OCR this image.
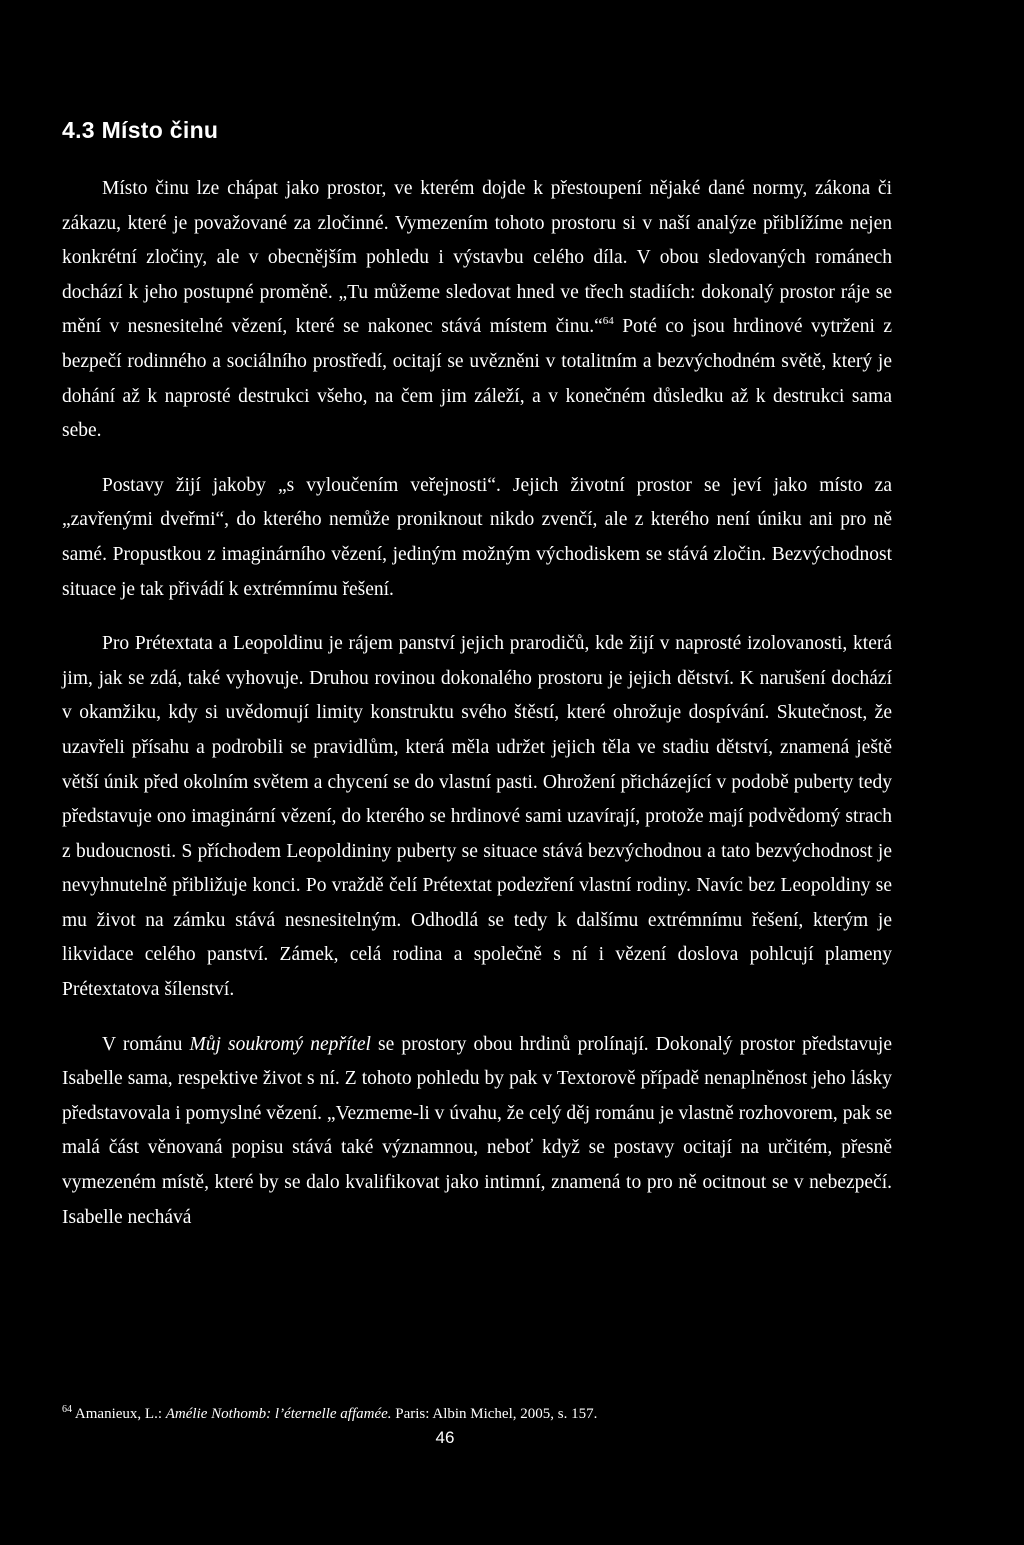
4.3 Místo činu

Místo činu lze chápat jako prostor, ve kterém dojde k přestoupení nějaké dané normy, zákona či zákazu, které je považované za zločinné. Vymezením tohoto prostoru si v naší analýze přiblížíme nejen konkrétní zločiny, ale v obecnějším pohledu i výstavbu celého díla. V obou sledovaných románech dochází k jeho postupné proměně. „Tu můžeme sledovat hned ve třech stadiích: dokonalý prostor ráje se mění v nesnesitelné vězení, které se nakonec stává místem činu.“$^{64}$ Poté co jsou hrdinové vytrženi z bezpečí rodinného a sociálního prostředí, ocitají se uvězněni v totalitním a bezvýchodném světě, který je dohání až k naprosté destrukci všeho, na čem jim záleží, a v konečném důsledku až k destrukci sama sebe.

Postavy žijí jakoby „s vyloučením veřejnosti“. Jejich životní prostor se jeví jako místo za „zavřenými dveřmi“, do kterého nemůže proniknout nikdo zvenčí, ale z kterého není úniku ani pro ně samé. Propustkou z imaginárního vězení, jediným možným východiskem se stává zločin. Bezvýchodnost situace je tak přivádí k extrémnímu řešení.

Pro Prétextata a Leopoldinu je rájem panství jejich prarodičů, kde žijí v naprosté izolovanosti, která jim, jak se zdá, také vyhovuje. Druhou rovinou dokonalého prostoru je jejich dětství. K narušení dochází v okamžiku, kdy si uvědomují limity konstruktu svého štěstí, které ohrožuje dospívání. Skutečnost, že uzavřeli přísahu a podrobili se pravidlům, která měla udržet jejich těla ve stadiu dětství, znamená ještě větší únik před okolním světem a chycení se do vlastní pasti. Ohrožení přicházející v podobě puberty tedy představuje ono imaginární vězení, do kterého se hrdinové sami uzavírají, protože mají podvědomý strach z budoucnosti. S příchodem Leopoldininy puberty se situace stává bezvýchodnou a tato bezvýchodnost je nevyhnutelně přibližuje konci. Po vraždě čelí Prétextat podezření vlastní rodiny. Navíc bez Leopoldiny se mu život na zámku stává nesnesitelným. Odhodlá se tedy k dalšímu extrémnímu řešení, kterým je likvidace celého panství. Zámek, celá rodina a společně s ní i vězení doslova pohlcují plameny Prétextatova šílenství.

V románu Můj soukromý nepřítel se prostory obou hrdinů prolínají. Dokonalý prostor představuje Isabelle sama, respektive život s ní. Z tohoto pohledu by pak v Textorově případě nenaplněnost jeho lásky představovala i pomyslné vězení. „Vezmeme-li v úvahu, že celý děj románu je vlastně rozhovorem, pak se malá část věnovaná popisu stává také významnou, neboť když se postavy ocitají na určitém, přesně vymezeném místě, které by se dalo kvalifikovat jako intimní, znamená to pro ně ocitnout se v nebezpečí. Isabelle nechává

$^{64}$ Amanieux, L.: Amélie Nothomb: l’éternelle affamée. Paris: Albin Michel, 2005, s. 157.
46
